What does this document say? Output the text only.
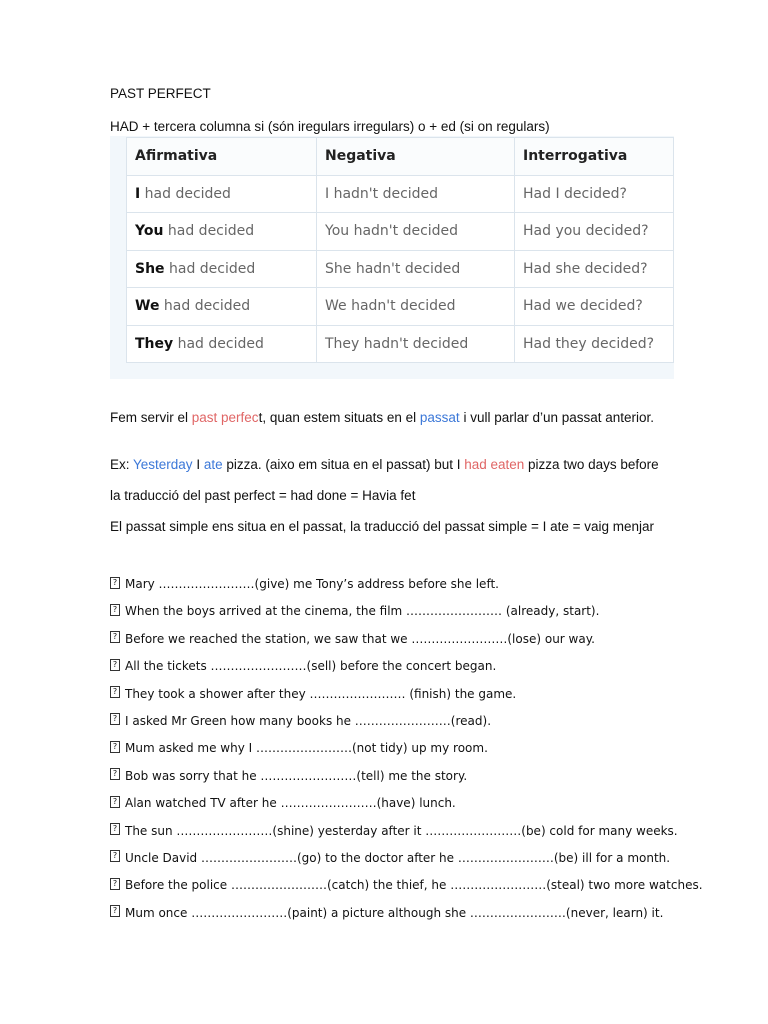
PAST PERFECT

HAD + tercera columna si (són iregulars irregulars) o + ed (si on regulars)

Afirmativa	Negativa	Interrogativa
I had decided	I hadn't decided	Had I decided?
You had decided	You hadn't decided	Had you decided?
She had decided	She hadn't decided	Had she decided?
We had decided	We hadn't decided	Had we decided?
They had decided	They hadn't decided	Had they decided?

Fem servir el past perfect, quan estem situats en el passat i vull parlar d’un passat anterior.

Ex: Yesterday I ate pizza. (aixo em situa en el passat) but I had eaten pizza two days before

la traducció del past perfect = had done = Havia fet

El passat simple ens situa en el passat, la traducció del passat simple = I ate = vaig menjar

? Mary ……………………(give) me Tony’s address before she left.
? When the boys arrived at the cinema, the film …………………… (already, start).
? Before we reached the station, we saw that we ……………………(lose) our way.
? All the tickets ……………………(sell) before the concert began.
? They took a shower after they …………………… (finish) the game.
? I asked Mr Green how many books he ……………………(read).
? Mum asked me why I ……………………(not tidy) up my room.
? Bob was sorry that he ……………………(tell) me the story.
? Alan watched TV after he ……………………(have) lunch.
? The sun ……………………(shine) yesterday after it ……………………(be) cold for many weeks.
? Uncle David ……………………(go) to the doctor after he ……………………(be) ill for a month.
? Before the police ……………………(catch) the thief, he ……………………(steal) two more watches.
? Mum once ……………………(paint) a picture although she ……………………(never, learn) it.
